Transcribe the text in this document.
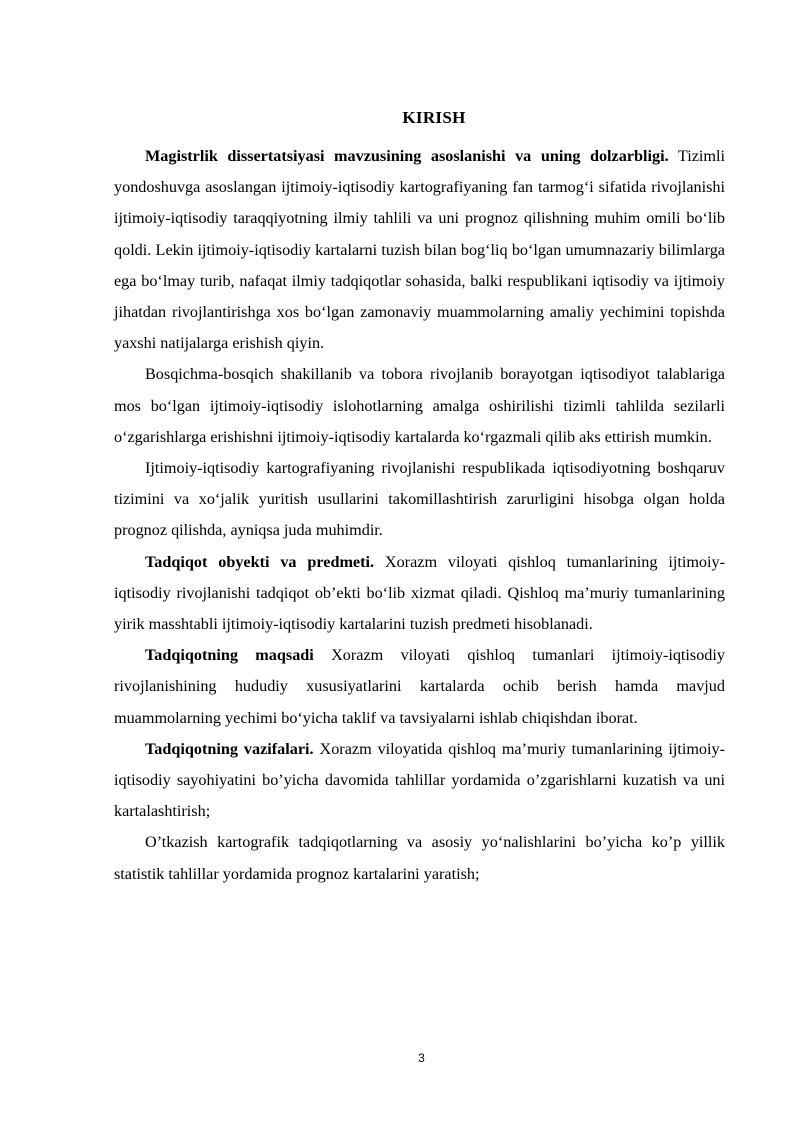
KIRISH

Magistrlik dissertatsiyasi mavzusining asoslanishi va uning dolzarbligi. Tizimli yondoshuvga asoslangan ijtimoiy-iqtisodiy kartografiyaning fan tarmog‘i sifatida rivojlanishi ijtimoiy-iqtisodiy taraqqiyotning ilmiy tahlili va uni prognoz qilishning muhim omili bo‘lib qoldi. Lekin ijtimoiy-iqtisodiy kartalarni tuzish bilan bog‘liq bo‘lgan umumnazariy bilimlarga ega bo‘lmay turib, nafaqat ilmiy tadqiqotlar sohasida, balki respublikani iqtisodiy va ijtimoiy jihatdan rivojlantirishga xos bo‘lgan zamonaviy muammolarning amaliy yechimini topishda yaxshi natijalarga erishish qiyin.

Bosqichma-bosqich shakillanib va tobora rivojlanib borayotgan iqtisodiyot talablariga mos bo‘lgan ijtimoiy-iqtisodiy islohotlarning amalga oshirilishi tizimli tahlilda sezilarli o‘zgarishlarga erishishni ijtimoiy-iqtisodiy kartalarda ko‘rgazmali qilib aks ettirish mumkin.

Ijtimoiy-iqtisodiy kartografiyaning rivojlanishi respublikada iqtisodiyotning boshqaruv tizimini va xo‘jalik yuritish usullarini takomillashtirish zarurligini hisobga olgan holda prognoz qilishda, ayniqsa juda muhimdir.

Tadqiqot obyekti va predmeti. Xorazm viloyati qishloq tumanlarining ijtimoiy-iqtisodiy rivojlanishi tadqiqot ob’ekti bo‘lib xizmat qiladi. Qishloq ma’muriy tumanlarining yirik masshtabli ijtimoiy-iqtisodiy kartalarini tuzish predmeti hisoblanadi.

Tadqiqotning maqsadi Xorazm viloyati qishloq tumanlari ijtimoiy-iqtisodiy rivojlanishining hududiy xususiyatlarini kartalarda ochib berish hamda mavjud muammolarning yechimi bo‘yicha taklif va tavsiyalarni ishlab chiqishdan iborat.

Tadqiqotning vazifalari. Xorazm viloyatida qishloq ma’muriy tumanlarining ijtimoiy-iqtisodiy sayohiyatini bo’yicha davomida tahlillar yordamida o’zgarishlarni kuzatish va uni kartalashtirish;

O’tkazish kartografik tadqiqotlarning va asosiy yo‘nalishlarini bo’yicha ko’p yillik statistik tahlillar yordamida prognoz kartalarini yaratish;

3
